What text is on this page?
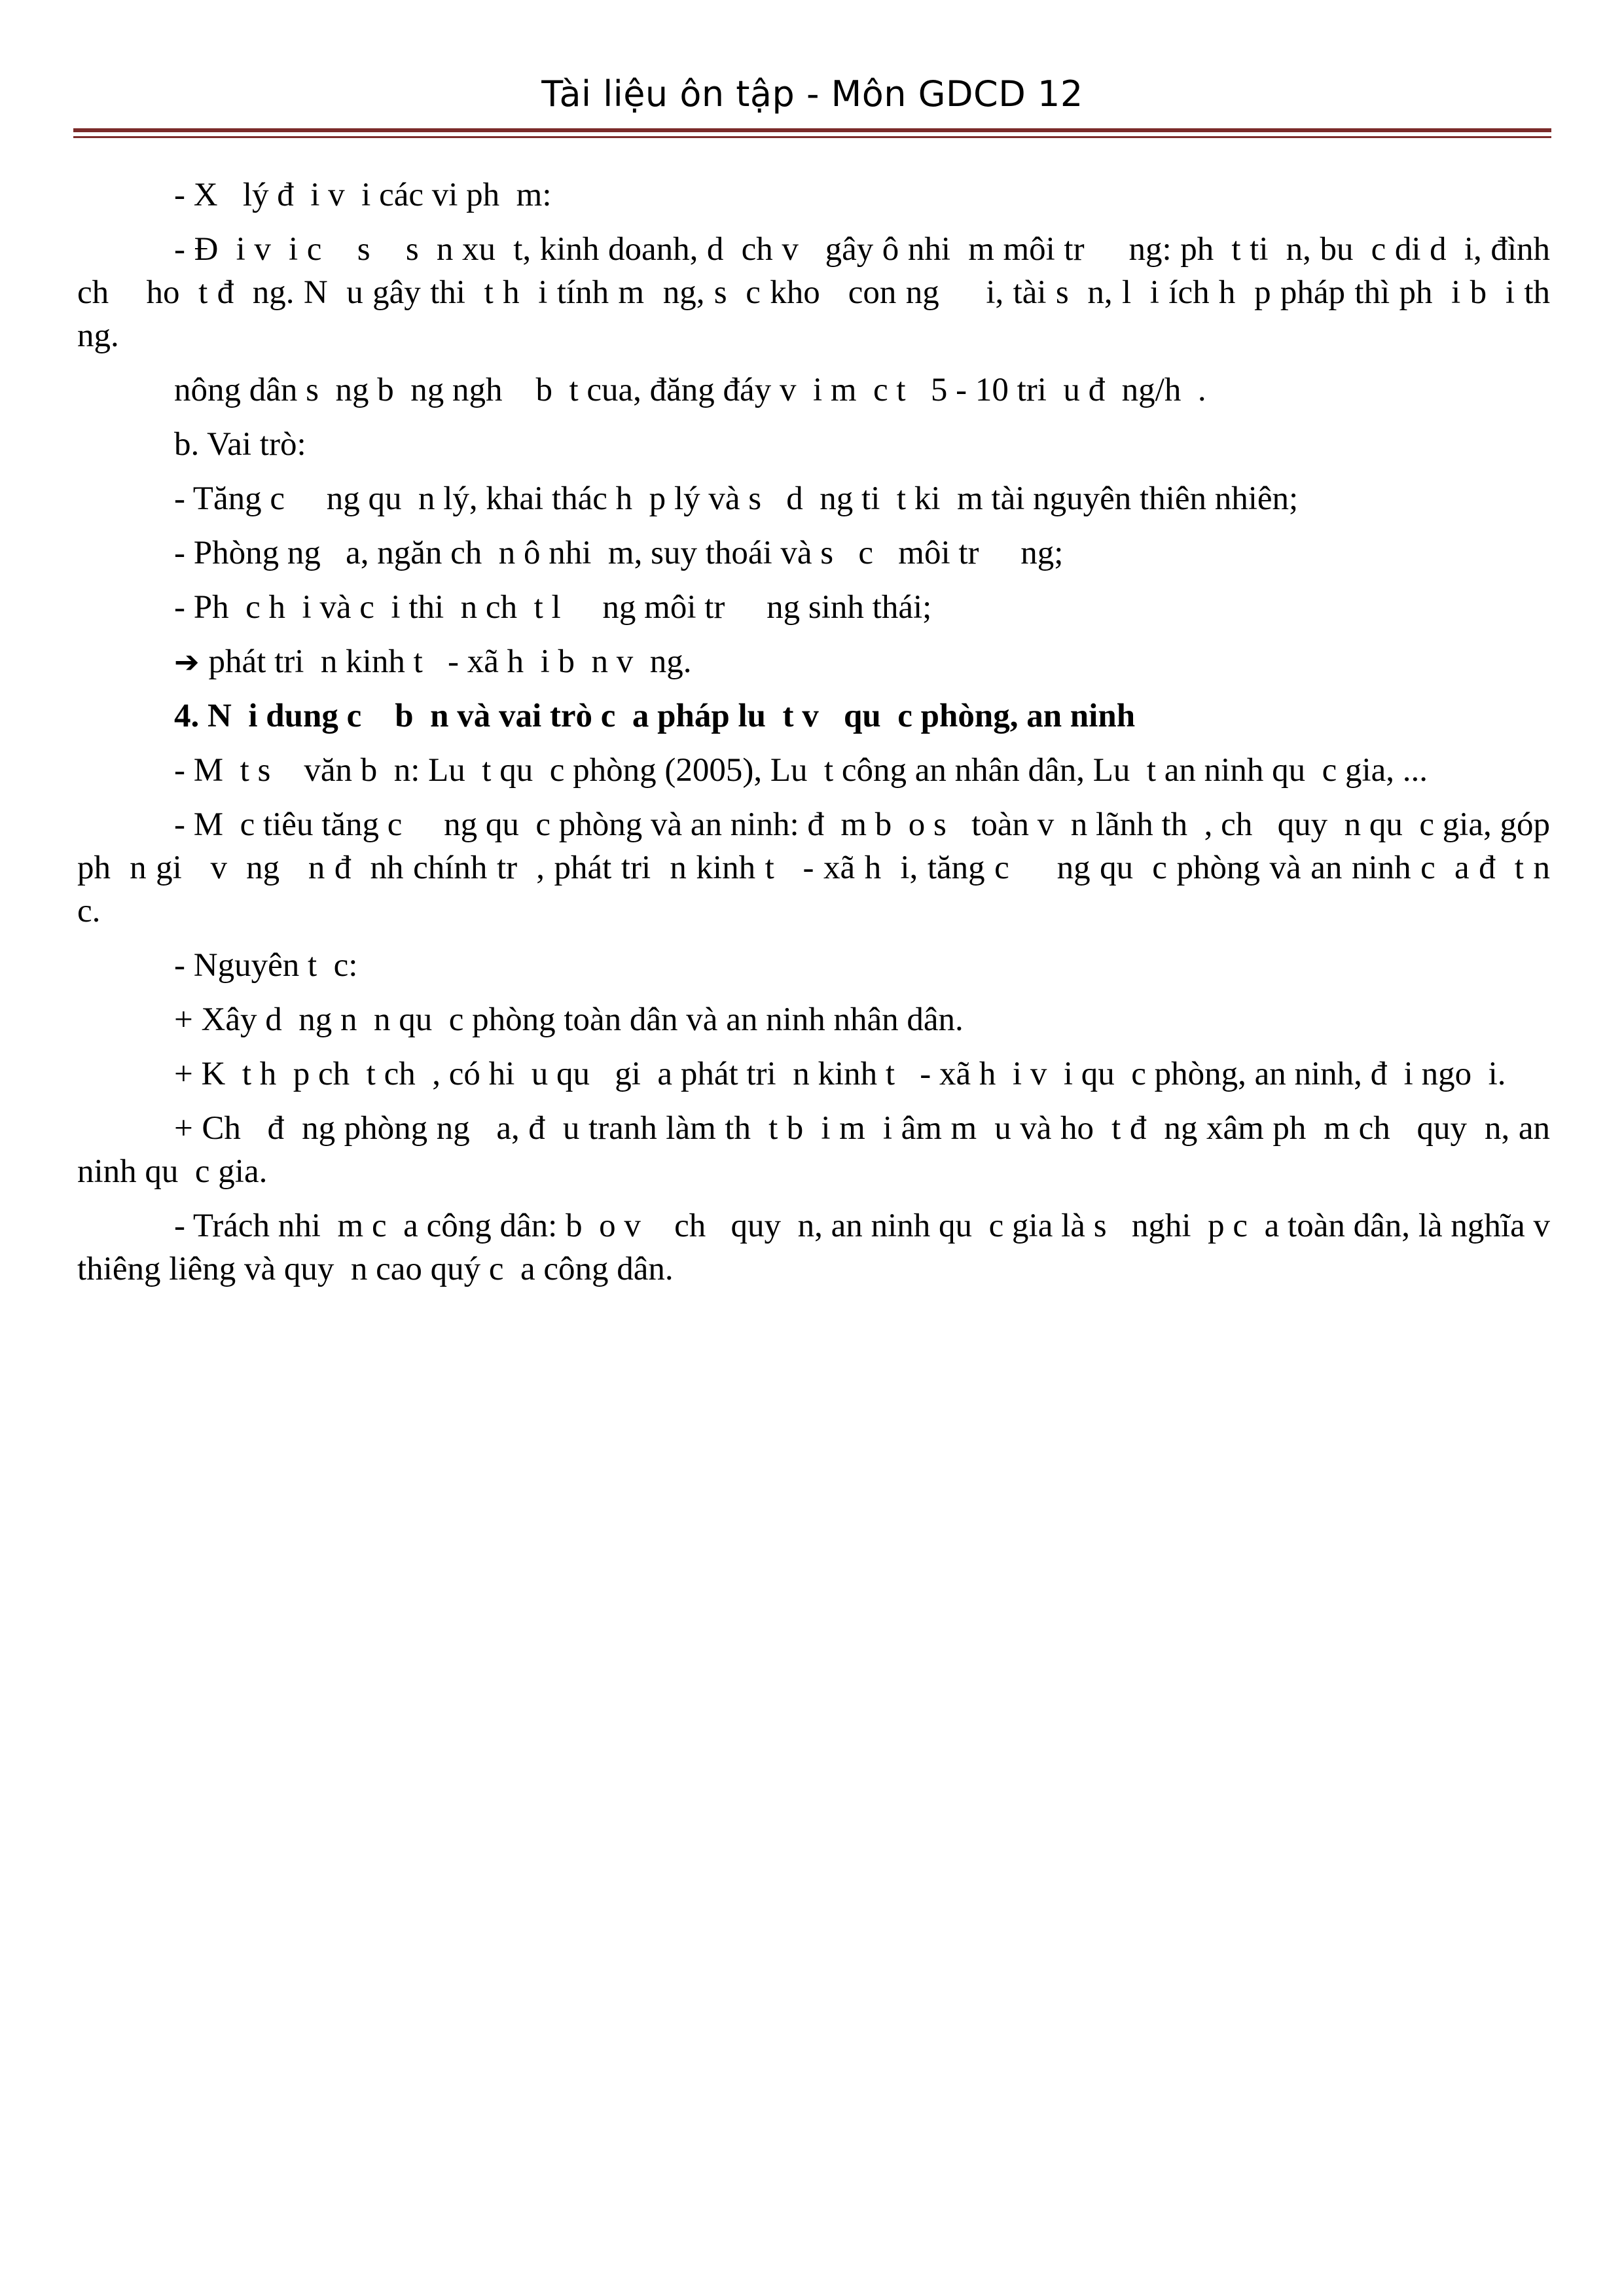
Tài liệu ôn tập - Môn GDCD 12

- X   lý đ  i v  i các vi ph  m:

- Đ  i v  i c    s    s  n xu  t, kinh doanh, d  ch v   gây ô nhi  m môi tr     ng: ph  t ti  n, bu  c di d  i, đình ch    ho  t đ  ng. N  u gây thi  t h  i tính m  ng, s  c kho   con ng     i, tài s  n, l  i ích h  p pháp thì ph  i b  i th     ng.

nông dân s  ng b  ng ngh    b  t cua, đăng đáy v  i m  c t   5 - 10 tri  u đ  ng/h  .

b. Vai trò:

- Tăng c     ng qu  n lý, khai thác h  p lý và s   d  ng ti  t ki  m tài nguyên thiên nhiên;

- Phòng ng   a, ngăn ch  n ô nhi  m, suy thoái và s   c   môi tr     ng;

- Ph  c h  i và c  i thi  n ch  t l     ng môi tr     ng sinh thái;

➔ phát tri  n kinh t   - xã h  i b  n v  ng.

4. N  i dung c    b  n và vai trò c  a pháp lu  t v   qu  c phòng, an ninh

- M  t s    văn b  n: Lu  t qu  c phòng (2005), Lu  t công an nhân dân, Lu  t an ninh qu  c gia, ...

- M  c tiêu tăng c     ng qu  c phòng và an ninh: đ  m b  o s   toàn v  n lãnh th  , ch   quy  n qu  c gia, góp ph  n gi   v  ng   n đ  nh chính tr  , phát tri  n kinh t   - xã h  i, tăng c     ng qu  c phòng và an ninh c  a đ  t n     c.

- Nguyên t  c:

+ Xây d  ng n  n qu  c phòng toàn dân và an ninh nhân dân.

+ K  t h  p ch  t ch  , có hi  u qu   gi  a phát tri  n kinh t   - xã h  i v  i qu  c phòng, an ninh, đ  i ngo  i.

+ Ch   đ  ng phòng ng   a, đ  u tranh làm th  t b  i m  i âm m  u và ho  t đ  ng xâm ph  m ch   quy  n, an ninh qu  c gia.

- Trách nhi  m c  a công dân: b  o v    ch   quy  n, an ninh qu  c gia là s   nghi  p c  a toàn dân, là nghĩa v   thiêng liêng và quy  n cao quý c  a công dân.
